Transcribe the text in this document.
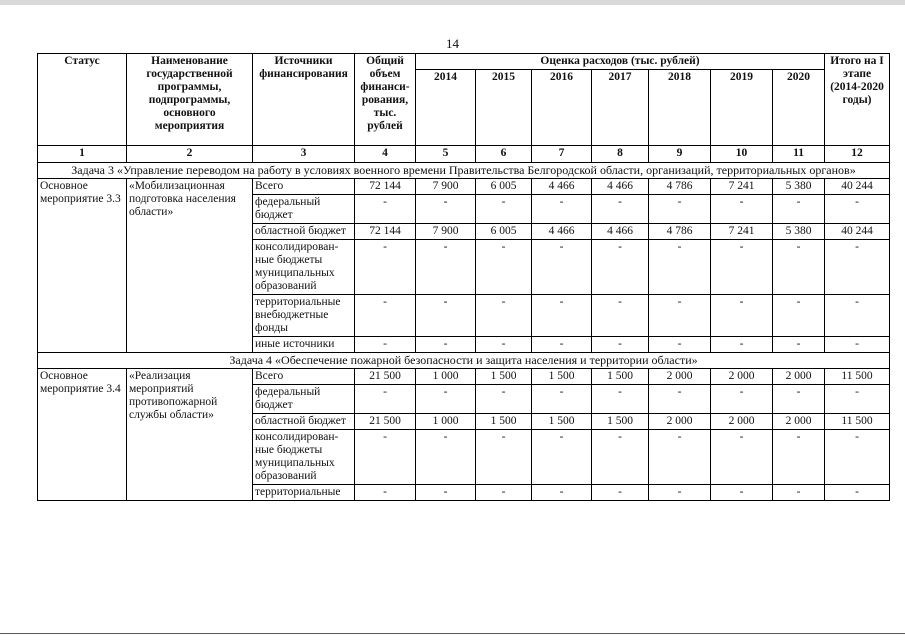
14
Статус	Наименование государственной программы, подпрограммы, основного мероприятия	Источники финансирования	Общий объем финанси-рования, тыс. рублей	Оценка расходов (тыс. рублей)							Итого на I этапе (2014-2020 годы)
				2014	2015	2016	2017	2018	2019	2020	
1	2	3	4	5	6	7	8	9	10	11	12
Задача 3 «Управление переводом на работу в условиях военного времени Правительства Белгородской области, организаций, территориальных органов»											
Основное мероприятие 3.3	«Мобилизационная подготовка населения области»	Всего	72 144	7 900	6 005	4 466	4 466	4 786	7 241	5 380	40 244
		федеральный бюджет	-	-	-	-	-	-	-	-	-
		областной бюджет	72 144	7 900	6 005	4 466	4 466	4 786	7 241	5 380	40 244
		консолидирован-ные бюджеты муниципальных образований	-	-	-	-	-	-	-	-	-
		территориальные внебюджетные фонды	-	-	-	-	-	-	-	-	-
		иные источники	-	-	-	-	-	-	-	-	-
Задача 4 «Обеспечение пожарной безопасности и защита населения и территории области»											
Основное мероприятие 3.4	«Реализация мероприятий противопожарной службы области»	Всего	21 500	1 000	1 500	1 500	1 500	2 000	2 000	2 000	11 500
		федеральный бюджет	-	-	-	-	-	-	-	-	-
		областной бюджет	21 500	1 000	1 500	1 500	1 500	2 000	2 000	2 000	11 500
		консолидирован-ные бюджеты муниципальных образований	-	-	-	-	-	-	-	-	-
		территориальные	-	-	-	-	-	-	-	-	-
